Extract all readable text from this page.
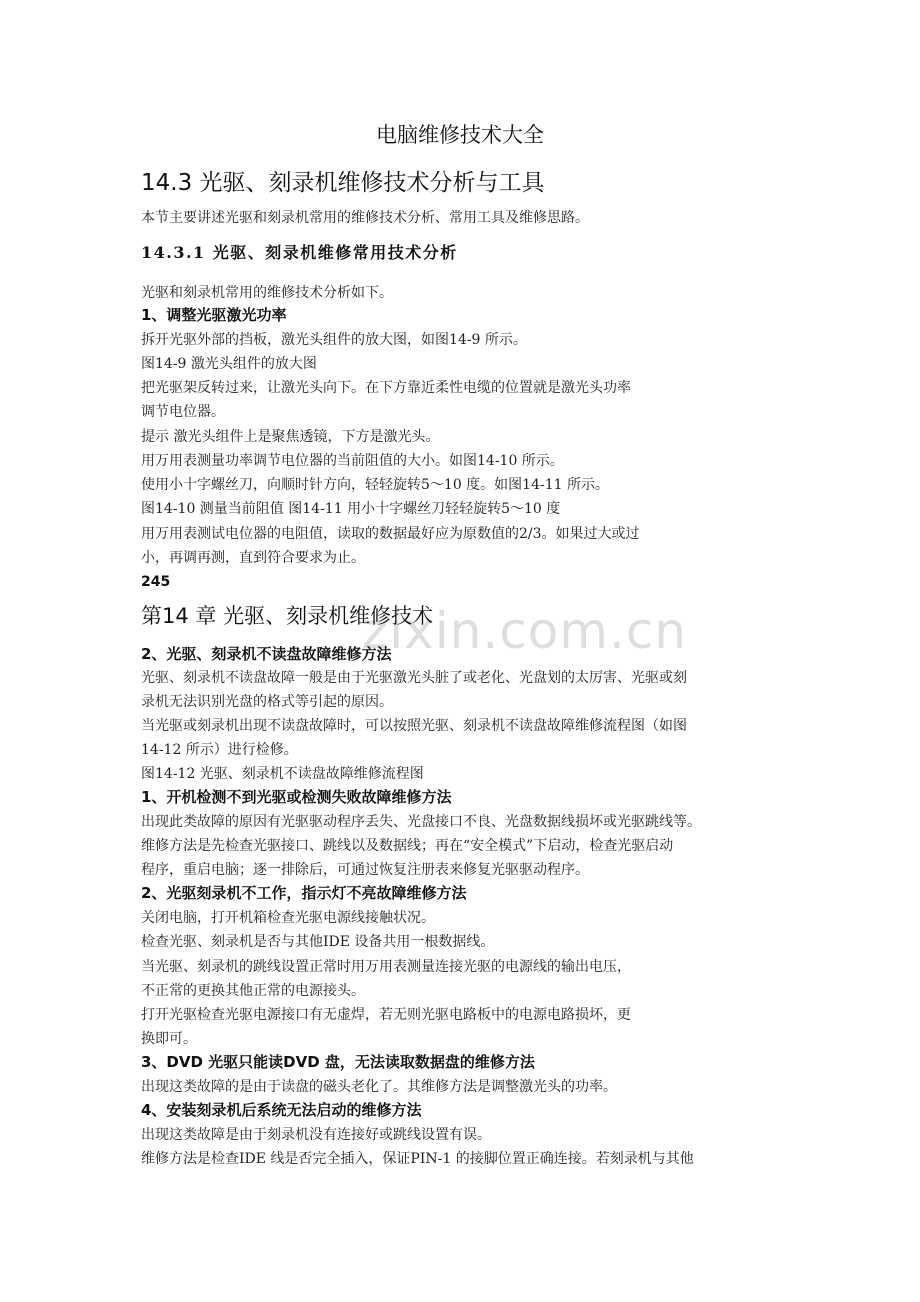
zixin.com.cn
电脑维修技术大全
14.3 光驱、刻录机维修技术分析与工具
本节主要讲述光驱和刻录机常用的维修技术分析、常用工具及维修思路。
14.3.1 光驱、刻录机维修常用技术分析
光驱和刻录机常用的维修技术分析如下。
1、调整光驱激光功率
拆开光驱外部的挡板，激光头组件的放大图，如图14-9 所示。
图14-9 激光头组件的放大图
把光驱架反转过来，让激光头向下。在下方靠近柔性电缆的位置就是激光头功率
调节电位器。
提示 激光头组件上是聚焦透镜，下方是激光头。
用万用表测量功率调节电位器的当前阻值的大小。如图14-10 所示。
使用小十字螺丝刀，向顺时针方向，轻轻旋转5～10 度。如图14-11 所示。
图14-10 测量当前阻值 图14-11 用小十字螺丝刀轻轻旋转5～10 度
用万用表测试电位器的电阻值，读取的数据最好应为原数值的2/3。如果过大或过
小，再调再测，直到符合要求为止。
245
第14 章 光驱、刻录机维修技术
2、光驱、刻录机不读盘故障维修方法
光驱、刻录机不读盘故障一般是由于光驱激光头脏了或老化、光盘划的太厉害、光驱或刻
录机无法识别光盘的格式等引起的原因。
当光驱或刻录机出现不读盘故障时，可以按照光驱、刻录机不读盘故障维修流程图（如图
14-12 所示）进行检修。
图14-12 光驱、刻录机不读盘故障维修流程图
1、开机检测不到光驱或检测失败故障维修方法
出现此类故障的原因有光驱驱动程序丢失、光盘接口不良、光盘数据线损坏或光驱跳线等。
维修方法是先检查光驱接口、跳线以及数据线；再在“安全模式”下启动，检查光驱启动
程序，重启电脑；逐一排除后，可通过恢复注册表来修复光驱驱动程序。
2、光驱刻录机不工作，指示灯不亮故障维修方法
关闭电脑，打开机箱检查光驱电源线接触状况。
检查光驱、刻录机是否与其他IDE 设备共用一根数据线。
当光驱、刻录机的跳线设置正常时用万用表测量连接光驱的电源线的输出电压，
不正常的更换其他正常的电源接头。
打开光驱检查光驱电源接口有无虚焊，若无则光驱电路板中的电源电路损坏，更
换即可。
3、DVD 光驱只能读DVD 盘，无法读取数据盘的维修方法
出现这类故障的是由于读盘的磁头老化了。其维修方法是调整激光头的功率。
4、安装刻录机后系统无法启动的维修方法
出现这类故障是由于刻录机没有连接好或跳线设置有误。
维修方法是检查IDE 线是否完全插入，保证PIN-1 的接脚位置正确连接。若刻录机与其他
